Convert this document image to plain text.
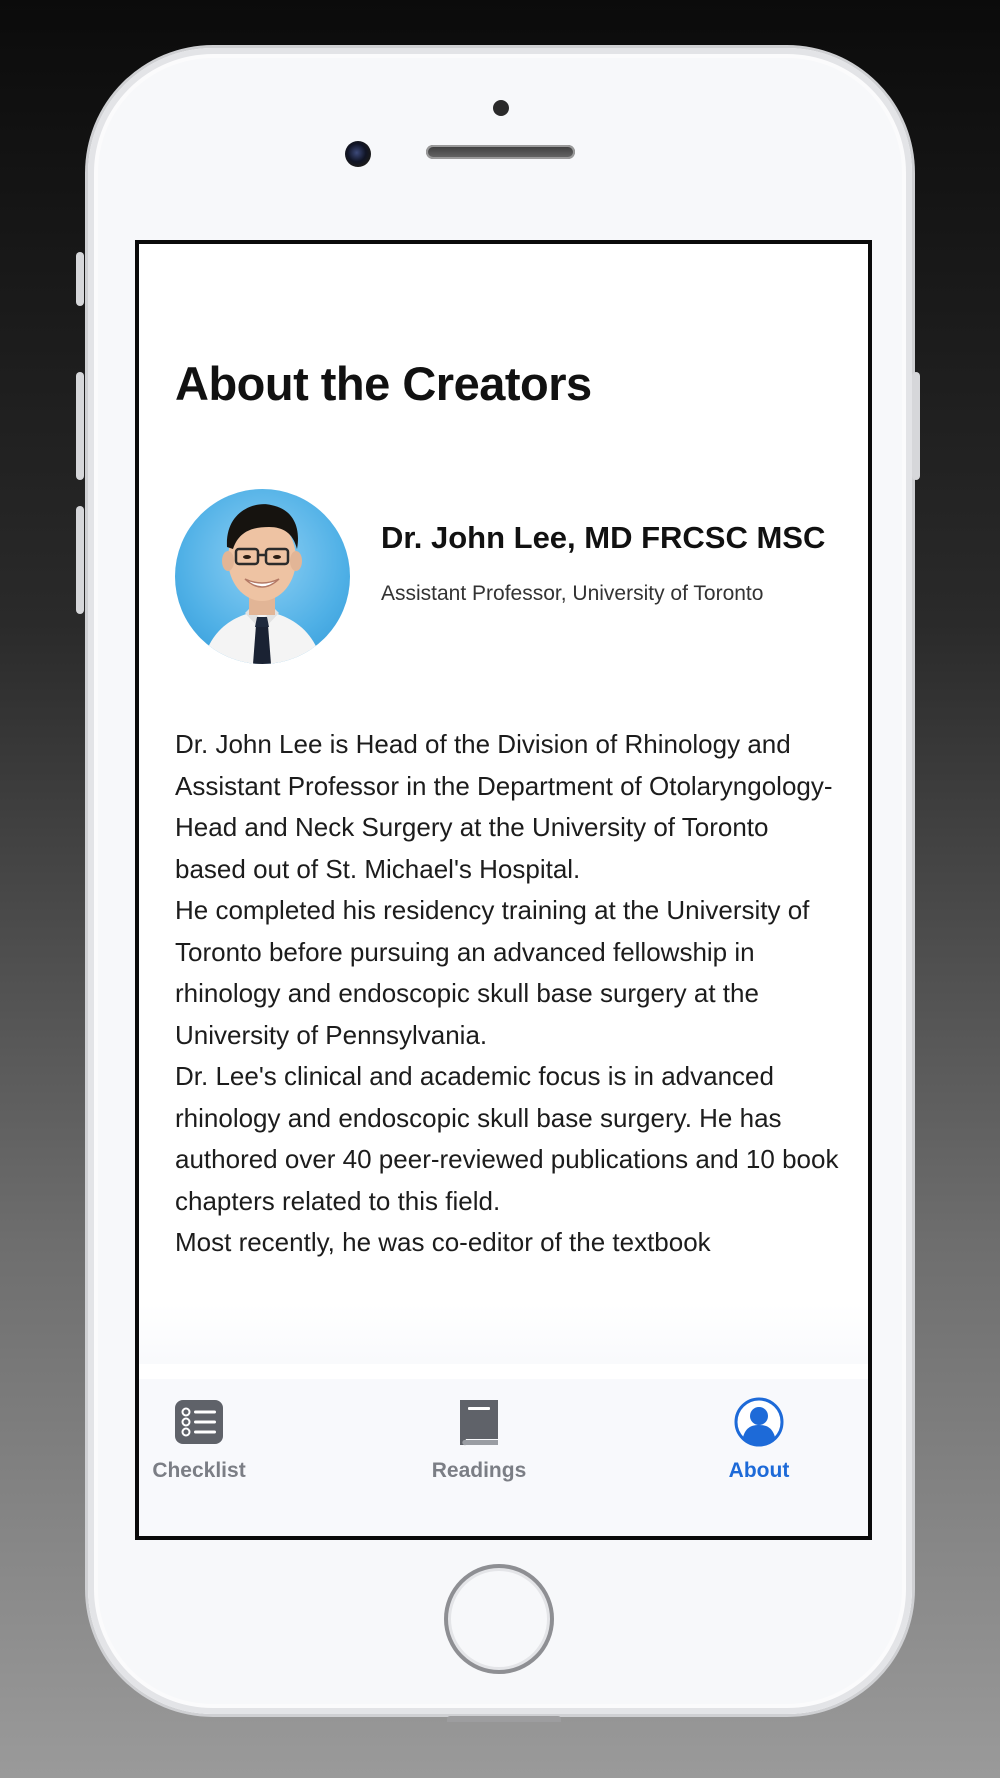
About the Creators
Dr. John Lee, MD FRCSC MSC
Assistant Professor, University of Toronto

Dr. John Lee is Head of the Division of Rhinology and Assistant Professor in the Department of Otolaryngology-Head and Neck Surgery at the University of Toronto based out of St. Michael's Hospital.

He completed his residency training at the University of Toronto before pursuing an advanced fellowship in rhinology and endoscopic skull base surgery at the University of Pennsylvania.

Dr. Lee's clinical and academic focus is in advanced rhinology and endoscopic skull base surgery. He has authored over 40 peer-reviewed publications and 10 book chapters related to this field.

Most recently, he was co-editor of the textbook

Checklist	Readings	About
